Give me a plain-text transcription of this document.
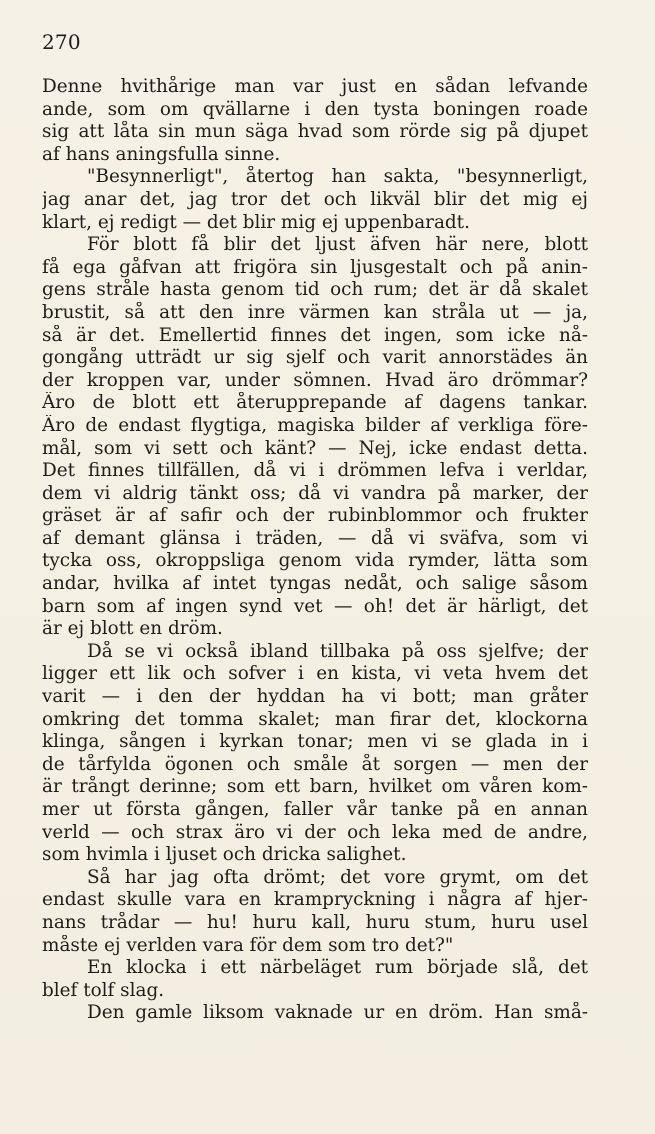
270
Denne hvithårige man var just en sådan lefvande
ande, som om qvällarne i den tysta boningen roade
sig att låta sin mun säga hvad som rörde sig på djupet
af hans aningsfulla sinne.
"Besynnerligt", återtog han sakta, "besynnerligt,
jag anar det, jag tror det och likväl blir det mig ej
klart, ej redigt — det blir mig ej uppenbaradt.
För blott få blir det ljust äfven här nere, blott
få ega gåfvan att frigöra sin ljusgestalt och på anin-
gens stråle hasta genom tid och rum; det är då skalet
brustit, så att den inre värmen kan stråla ut — ja,
så är det. Emellertid finnes det ingen, som icke nå-
gongång utträdt ur sig sjelf och varit annorstädes än
der kroppen var, under sömnen. Hvad äro drömmar?
Äro de blott ett återupprepande af dagens tankar.
Äro de endast flygtiga, magiska bilder af verkliga före-
mål, som vi sett och känt? — Nej, icke endast detta.
Det finnes tillfällen, då vi i drömmen lefva i verldar,
dem vi aldrig tänkt oss; då vi vandra på marker, der
gräset är af safir och der rubinblommor och frukter
af demant glänsa i träden, — då vi sväfva, som vi
tycka oss, okroppsliga genom vida rymder, lätta som
andar, hvilka af intet tyngas nedåt, och salige såsom
barn som af ingen synd vet — oh! det är härligt, det
är ej blott en dröm.
Då se vi också ibland tillbaka på oss sjelfve; der
ligger ett lik och sofver i en kista, vi veta hvem det
varit — i den der hyddan ha vi bott; man gråter
omkring det tomma skalet; man firar det, klockorna
klinga, sången i kyrkan tonar; men vi se glada in i
de tårfylda ögonen och småle åt sorgen — men der
är trångt derinne; som ett barn, hvilket om våren kom-
mer ut första gången, faller vår tanke på en annan
verld — och strax äro vi der och leka med de andre,
som hvimla i ljuset och dricka salighet.
Så har jag ofta drömt; det vore grymt, om det
endast skulle vara en krampryckning i några af hjer-
nans trådar — hu! huru kall, huru stum, huru usel
måste ej verlden vara för dem som tro det?"
En klocka i ett närbeläget rum började slå, det
blef tolf slag.
Den gamle liksom vaknade ur en dröm. Han små-
